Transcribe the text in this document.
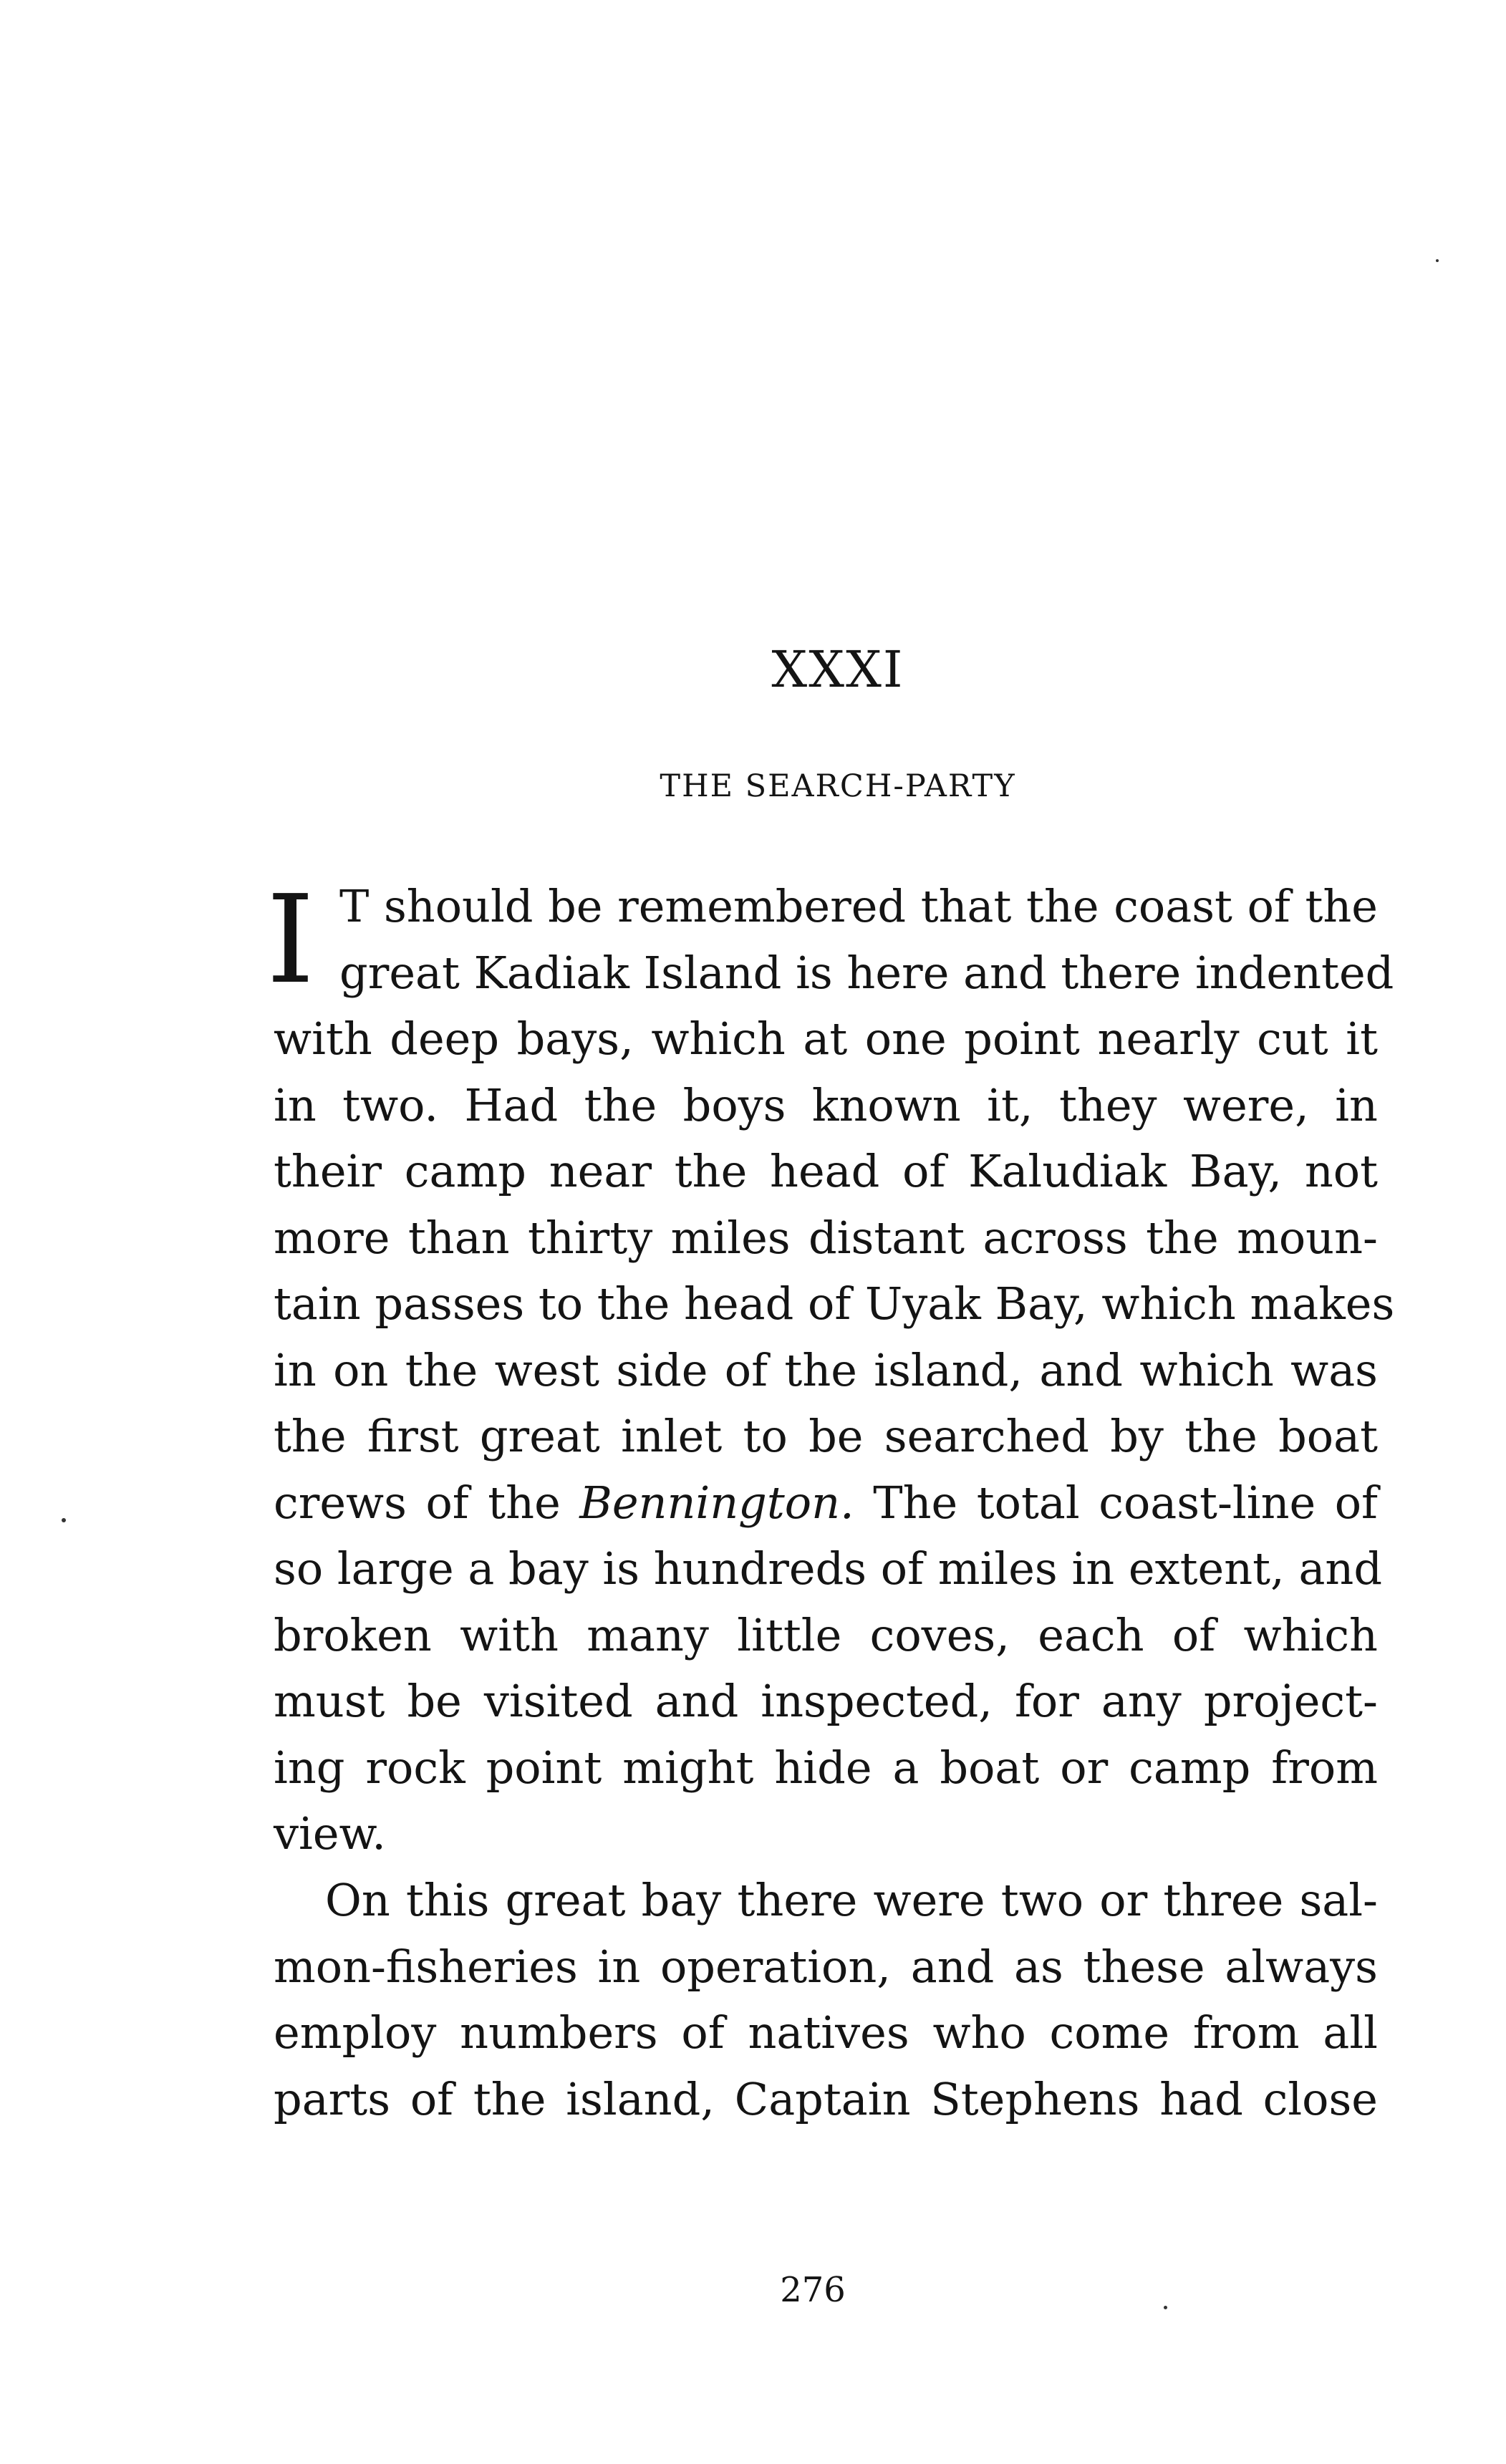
XXXI
THE SEARCH-PARTY
I T should be remembered that the coast of the
great Kadiak Island is here and there indented
with deep bays, which at one point nearly cut it
in two. Had the boys known it, they were, in
their camp near the head of Kaludiak Bay, not
more than thirty miles distant across the moun-
tain passes to the head of Uyak Bay, which makes
in on the west side of the island, and which was
the first great inlet to be searched by the boat
crews of the Bennington. The total coast-line of
so large a bay is hundreds of miles in extent, and
broken with many little coves, each of which
must be visited and inspected, for any project-
ing rock point might hide a boat or camp from
view.
On this great bay there were two or three sal-
mon-fisheries in operation, and as these always
employ numbers of natives who come from all
parts of the island, Captain Stephens had close
276
